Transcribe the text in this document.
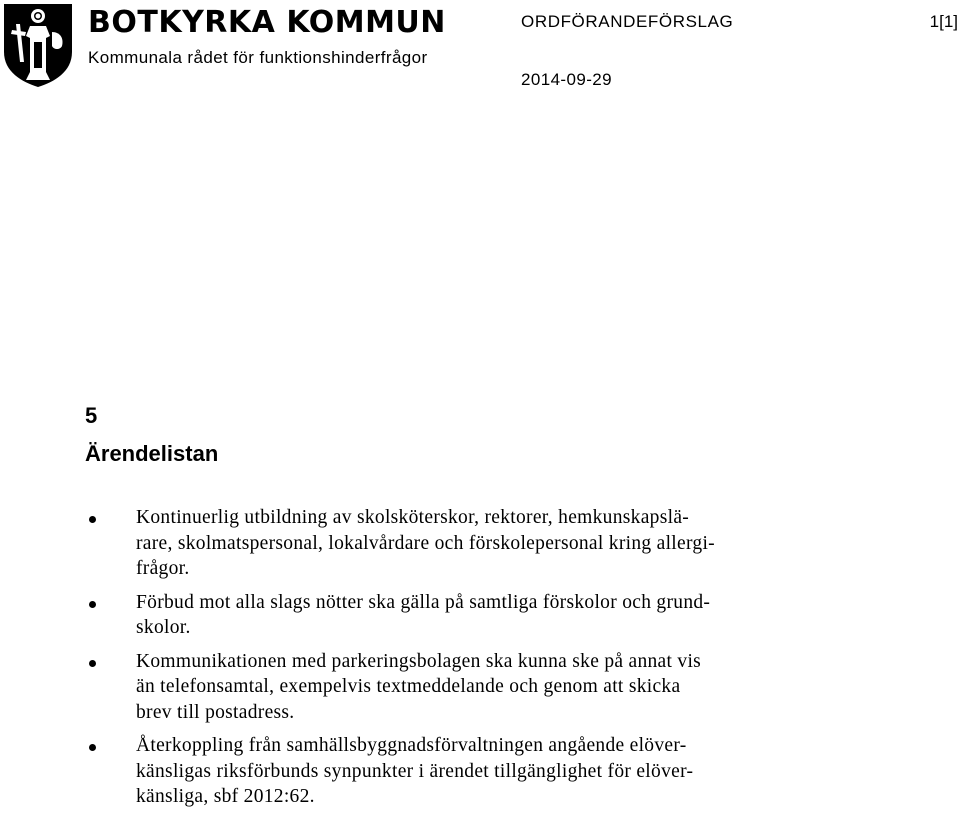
BOTKYRKA KOMMUN
Kommunala rådet för funktionshinderfrågor
ORDFÖRANDEFÖRSLAG	1[1]
2014-09-29
5
Ärendelistan
Kontinuerlig utbildning av skolsköterskor, rektorer, hemkunskapslä-
rare, skolmatspersonal, lokalvårdare och förskolepersonal kring allergi-
frågor.
Förbud mot alla slags nötter ska gälla på samtliga förskolor och grund-
skolor.
Kommunikationen med parkeringsbolagen ska kunna ske på annat vis
än telefonsamtal, exempelvis textmeddelande och genom att skicka
brev till postadress.
Återkoppling från samhällsbyggnadsförvaltningen angående elöver-
känsligas riksförbunds synpunkter i ärendet tillgänglighet för elöver-
känsliga, sbf 2012:62.
